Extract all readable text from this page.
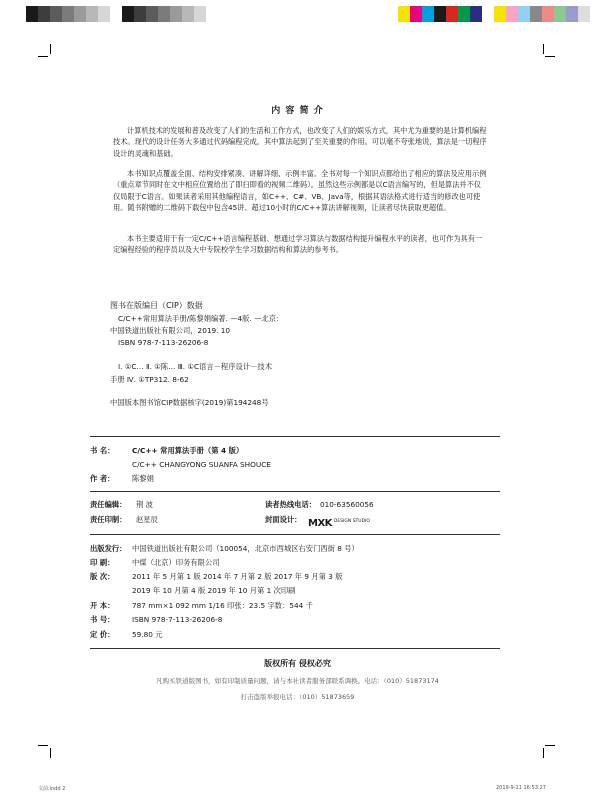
内 容 简 介

计算机技术的发展和普及改变了人们的生活和工作方式，也改变了人们的娱乐方式，其中尤为重要的是计算机编程技术。现代的设计任务大多通过代码编程完成，其中算法起到了至关重要的作用。可以毫不夸张地说，算法是一切程序设计的灵魂和基础。

本书知识点覆盖全面、结构安排紧凑、讲解详细、示例丰富。全书对每一个知识点都给出了相应的算法及应用示例（重点章节同时在文中相应位置给出了即扫即看的视频二维码）。虽然这些示例都是以C语言编写的，但是算法并不仅仅局限于C语言。如果读者采用其他编程语言，如C++、C#、VB、Java等，根据其语法格式进行适当的修改也可使用。随书附赠的二维码下载包中包含45讲、超过10小时的C/C++算法讲解视频，让读者尽快获取更超值。

本书主要适用于有一定C/C++语言编程基础、想通过学习算法与数据结构提升编程水平的读者，也可作为具有一定编程经验的程序员以及大中专院校学生学习数据结构和算法的参考书。

图书在版编目（CIP）数据
C/C++常用算法手册/陈黎娟编著. —4版. —北京：
中国铁道出版社有限公司，2019. 10
ISBN 978-7-113-26206-8
Ⅰ. ①C… Ⅱ. ①陈… Ⅲ. ①C语言－程序设计－技术
手册 Ⅳ. ①TP312. 8-62
中国版本图书馆CIP数据核字(2019)第194248号
书 名： C/C++ 常用算法手册（第 4 版）
C/C++ CHANGYONG SUANFA SHOUCE
作 者： 陈黎娟
责任编辑： 荆 波	读者热线电话： 010-63560056
责任印制： 赵星辰	封面设计： MXK DESIGN STUDIO
出版发行： 中国铁道出版社有限公司（100054，北京市西城区右安门西街 8 号）
印 刷： 中煤（北京）印务有限公司
版 次： 2011 年 5 月第 1 版 2014 年 7 月第 2 版 2017 年 9 月第 3 版
2019 年 10 月第 4 版 2019 年 10 月第 1 次印刷
开 本： 787 mm×1 092 mm 1/16 印张：23.5 字数：544 千
书 号： ISBN 978-7-113-26206-8
定 价： 59.80 元
版权所有 侵权必究
凡购买铁道版图书，如有印制质量问题，请与本社读者服务部联系调换。电话：（010）51873174
打击盗版举报电话：（010）51873659
文前.indd 2	2019-9-11 16:53:27
